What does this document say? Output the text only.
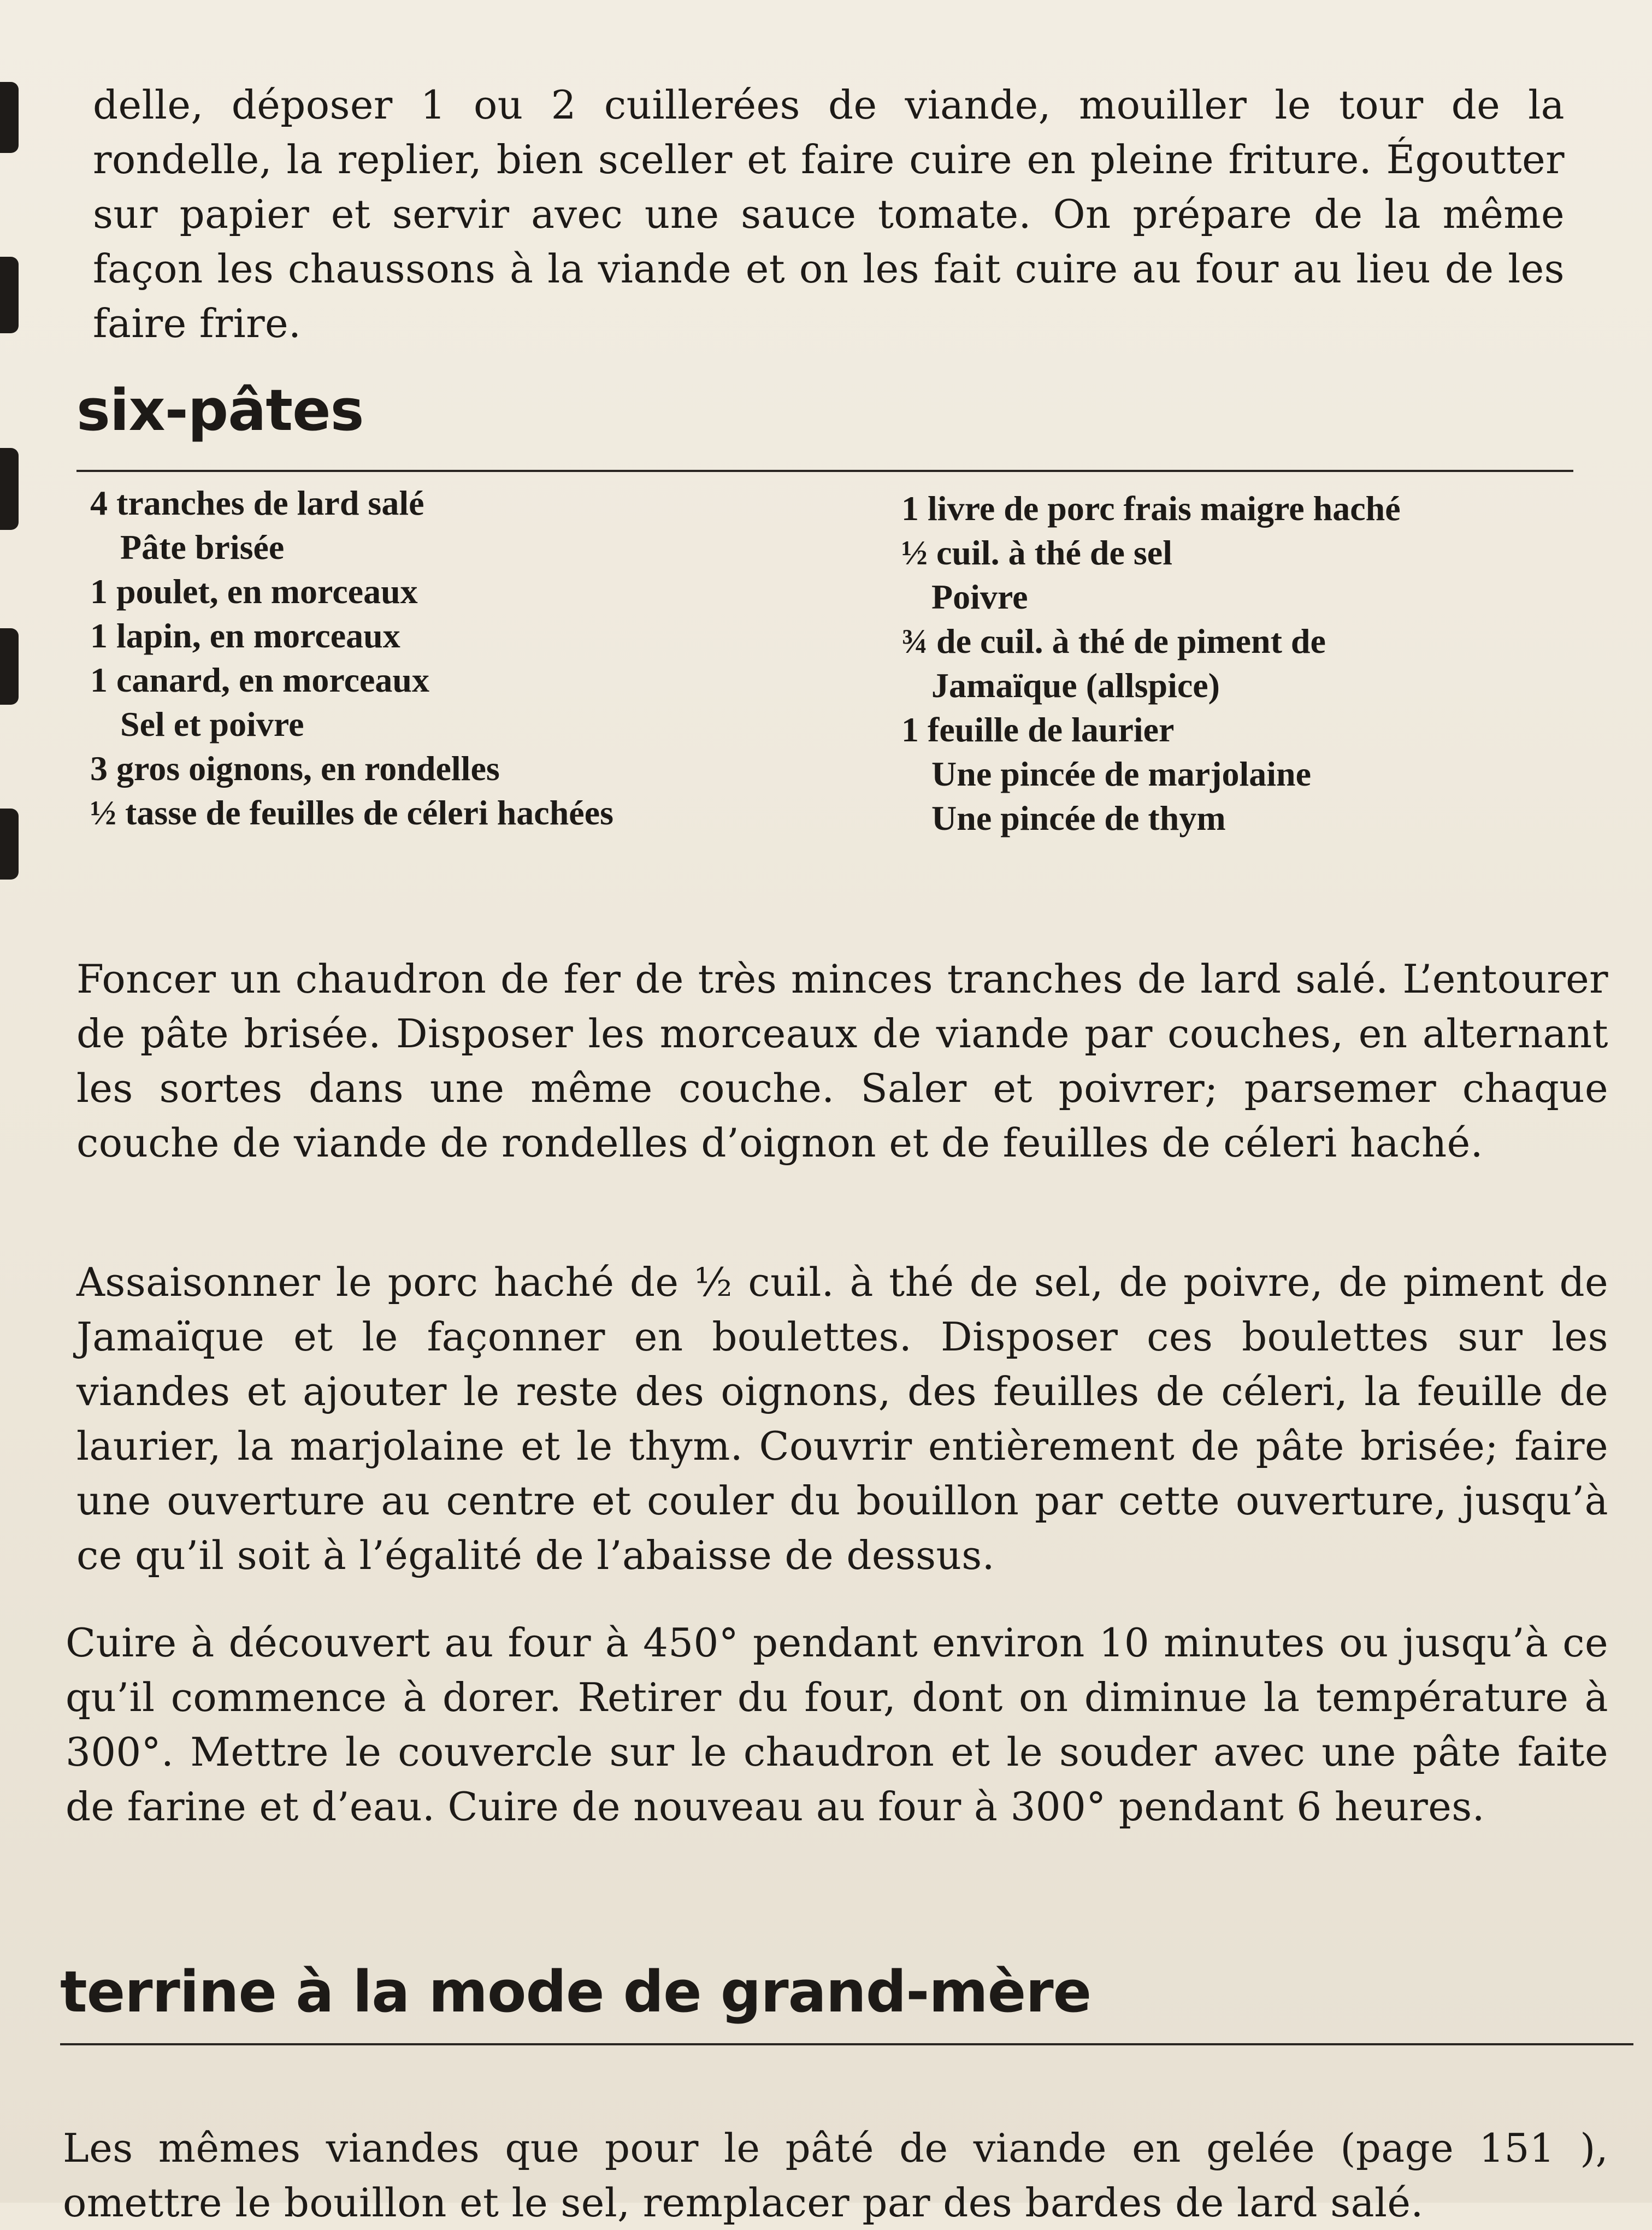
delle, déposer 1 ou 2 cuillerées de viande, mouiller le tour de la rondelle, la replier, bien sceller et faire cuire en pleine friture. Égoutter sur papier et servir avec une sauce tomate. On prépare de la même façon les chaussons à la viande et on les fait cuire au four au lieu de les faire frire.

six-pâtes
4 tranches de lard salé
Pâte brisée
1 poulet, en morceaux
1 lapin, en morceaux
1 canard, en morceaux
Sel et poivre
3 gros oignons, en rondelles
½ tasse de feuilles de céleri hachées
1 livre de porc frais maigre haché
½ cuil. à thé de sel
Poivre
¾ de cuil. à thé de piment de
Jamaïque (allspice)
1 feuille de laurier
Une pincée de marjolaine
Une pincée de thym

Foncer un chaudron de fer de très minces tranches de lard salé. L’entourer de pâte brisée. Disposer les morceaux de viande par couches, en alternant les sortes dans une même couche. Saler et poivrer; parsemer chaque couche de viande de rondelles d’oignon et de feuilles de céleri haché.

Assaisonner le porc haché de ½ cuil. à thé de sel, de poivre, de piment de Jamaïque et le façonner en boulettes. Disposer ces boulettes sur les viandes et ajouter le reste des oignons, des feuilles de céleri, la feuille de laurier, la marjolaine et le thym. Couvrir entièrement de pâte brisée; faire une ouverture au centre et couler du bouillon par cette ouverture, jusqu’à ce qu’il soit à l’égalité de l’abaisse de dessus.

Cuire à découvert au four à 450° pendant environ 10 minutes ou jusqu’à ce qu’il commence à dorer. Retirer du four, dont on diminue la température à 300°. Mettre le couvercle sur le chaudron et le souder avec une pâte faite de farine et d’eau. Cuire de nouveau au four à 300° pendant 6 heures.

terrine à la mode de grand-mère

Les mêmes viandes que pour le pâté de viande en gelée (page 151 ), omettre le bouillon et le sel, remplacer par des bardes de lard salé.
